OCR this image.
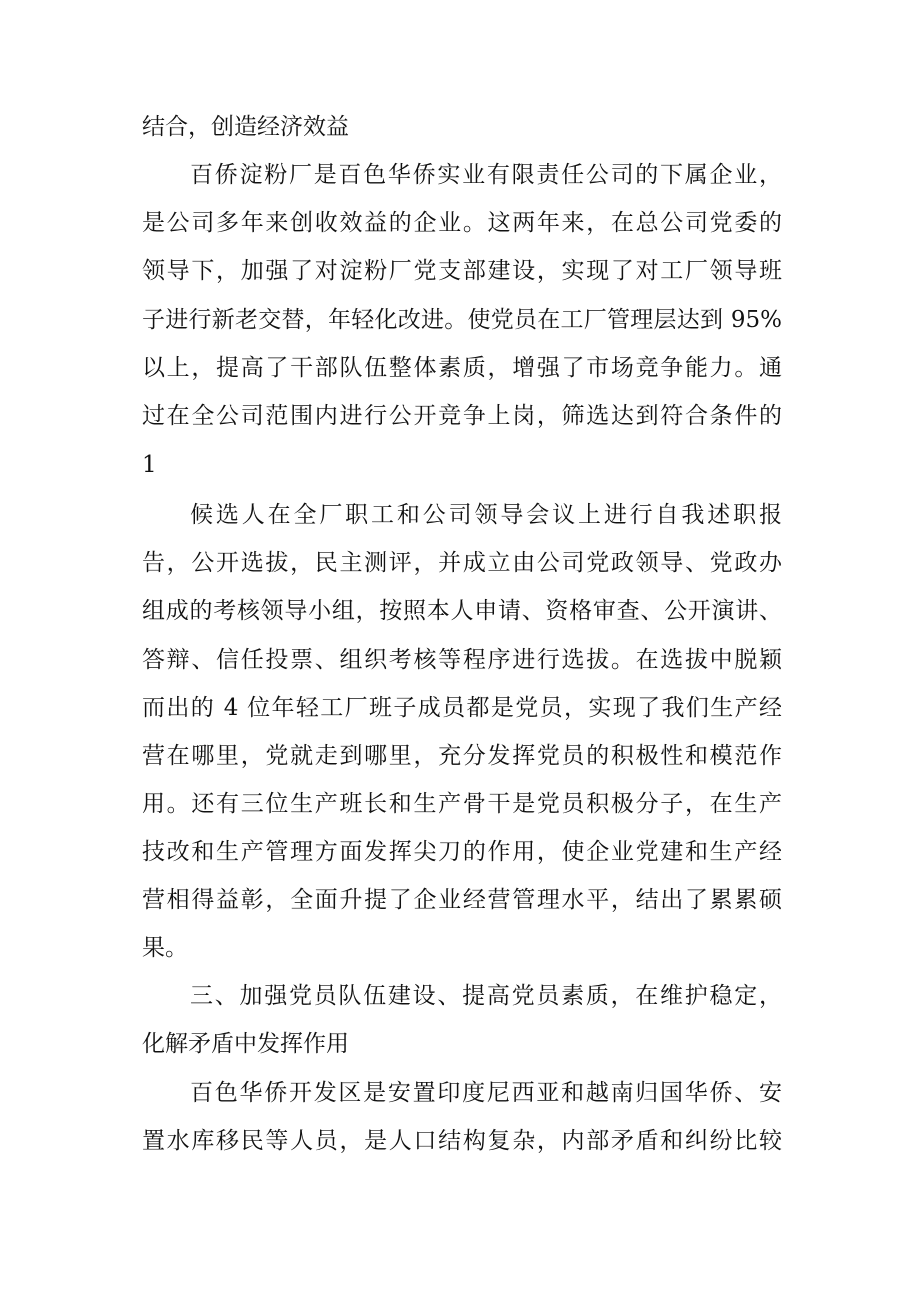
结合，创造经济效益
百侨淀粉厂是百色华侨实业有限责任公司的下属企业，
是公司多年来创收效益的企业。这两年来，在总公司党委的
领导下，加强了对淀粉厂党支部建设，实现了对工厂领导班
子进行新老交替，年轻化改进。使党员在工厂管理层达到 95%
以上，提高了干部队伍整体素质，增强了市场竞争能力。通
过在全公司范围内进行公开竞争上岗，筛选达到符合条件的
1
候选人在全厂职工和公司领导会议上进行自我述职报
告，公开选拔，民主测评，并成立由公司党政领导、党政办
组成的考核领导小组，按照本人申请、资格审查、公开演讲、
答辩、信任投票、组织考核等程序进行选拔。在选拔中脱颖
而出的 4 位年轻工厂班子成员都是党员，实现了我们生产经
营在哪里，党就走到哪里，充分发挥党员的积极性和模范作
用。还有三位生产班长和生产骨干是党员积极分子，在生产
技改和生产管理方面发挥尖刀的作用，使企业党建和生产经
营相得益彰，全面升提了企业经营管理水平，结出了累累硕
果。
三、加强党员队伍建设、提高党员素质，在维护稳定，
化解矛盾中发挥作用
百色华侨开发区是安置印度尼西亚和越南归国华侨、安
置水库移民等人员，是人口结构复杂，内部矛盾和纠纷比较
